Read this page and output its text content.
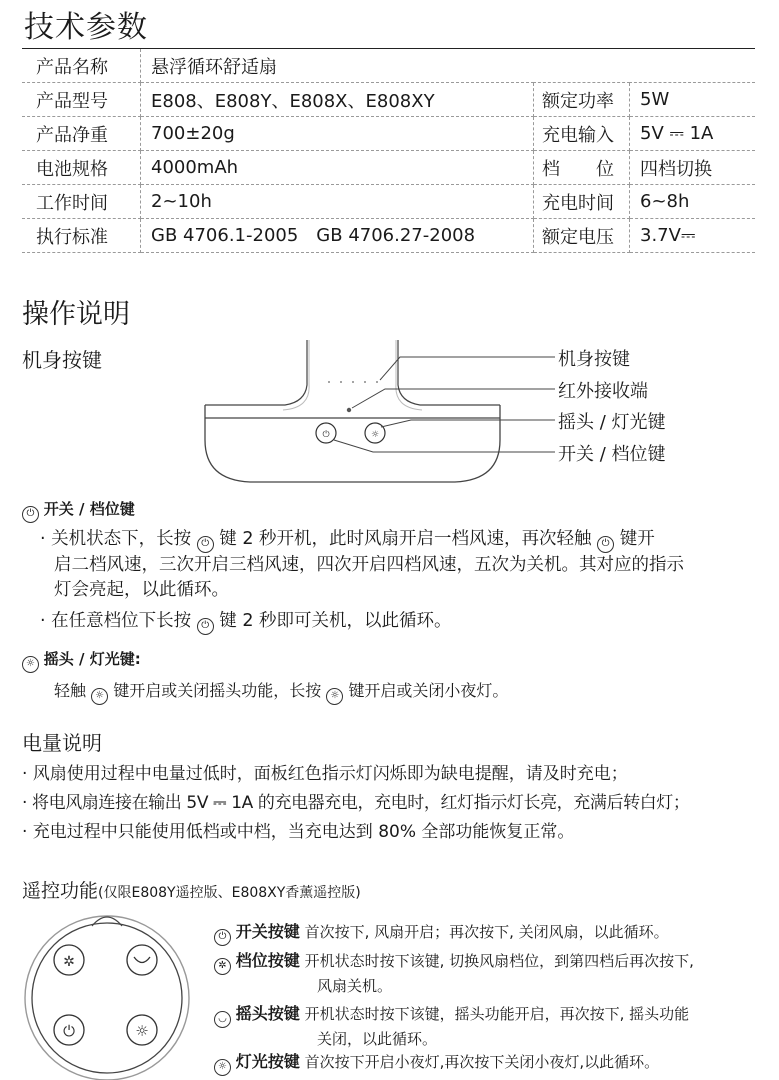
技术参数
产品名称	悬浮循环舒适扇		
产品型号	E808、E808Y、E808X、E808XY	额定功率	5W
产品净重	700±20g	充电输入	5V ⎓ 1A
电池规格	4000mAh	档  位	四档切换
工作时间	2~10h	充电时间	6~8h
执行标准	GB 4706.1-2005 GB 4706.27-2008	额定电压	3.7V⎓
操作说明
机身按键
⏻	☼
机身按键
红外接收端
摇头 / 灯光键
开关 / 档位键
⏻ 开关 / 档位键
· 关机状态下，长按 ⏻ 键 2 秒开机，此时风扇开启一档风速，再次轻触 ⏻ 键开
启二档风速，三次开启三档风速，四次开启四档风速，五次为关机。其对应的指示
灯会亮起，以此循环。
· 在任意档位下长按 ⏻ 键 2 秒即可关机，以此循环。
☼ 摇头 / 灯光键:
轻触 ☼ 键开启或关闭摇头功能，长按 ☼ 键开启或关闭小夜灯。
电量说明
· 风扇使用过程中电量过低时，面板红色指示灯闪烁即为缺电提醒，请及时充电；
· 将电风扇连接在输出 5V ⎓ 1A 的充电器充电，充电时，红灯指示灯长亮，充满后转白灯；
· 充电过程中只能使用低档或中档，当充电达到 80% 全部功能恢复正常。
遥控功能(仅限E808Y遥控版、E808XY香薰遥控版)
✲
⏻	☼
⏻ 开关按键 首次按下, 风扇开启；再次按下, 关闭风扇，以此循环。
✲ 档位按键 开机状态时按下该键, 切换风扇档位，到第四档后再次按下,
风扇关机。
◡ 摇头按键 开机状态时按下该键，摇头功能开启，再次按下, 摇头功能
关闭，以此循环。
☼ 灯光按键 首次按下开启小夜灯,再次按下关闭小夜灯,以此循环。
